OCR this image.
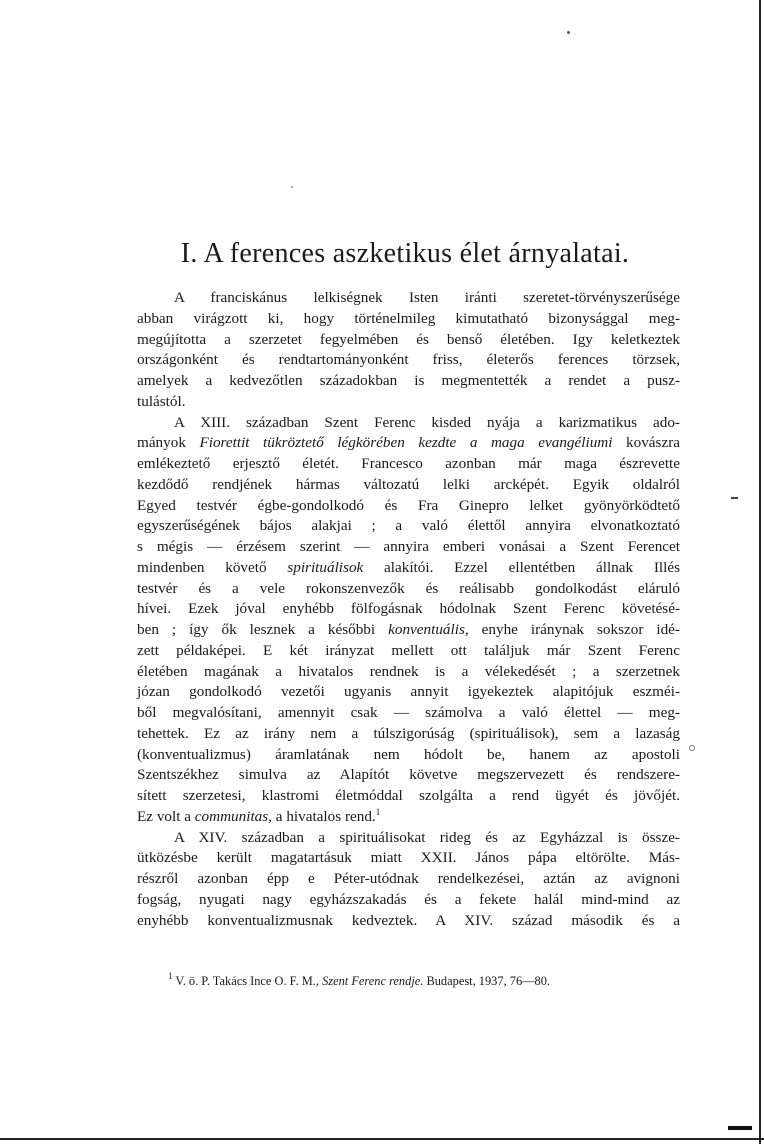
I. A ferences aszketikus élet árnyalatai.

A franciskánus lelkiségnek Isten iránti szeretet-törvényszerűsége

abban virágzott ki, hogy történelmileg kimutatható bizonysággal meg-

megújította a szerzetet fegyelmében és benső életében. Igy keletkeztek

országonként és rendtartományonként friss, életerős ferences törzsek,

amelyek a kedvezőtlen századokban is megmentették a rendet a pusz-

tulástól.

A XIII. században Szent Ferenc kisded nyája a karizmatikus ado-

mányok Fiorettit tükröztető légkörében kezdte a maga evangéliumi kovászra

emlékeztető erjesztő életét. Francesco azonban már maga észrevette

kezdődő rendjének hármas változatú lelki arcképét. Egyik oldalról

Egyed testvér égbe-gondolkodó és Fra Ginepro lelket gyönyörködtető

egyszerűségének bájos alakjai ; a való élettől annyira elvonatkoztató

s mégis — érzésem szerint — annyira emberi vonásai a Szent Ferencet

mindenben követő spirituálisok alakítói. Ezzel ellentétben állnak Illés

testvér és a vele rokonszenvezők és reálisabb gondolkodást eláruló

hívei. Ezek jóval enyhébb fölfogásnak hódolnak Szent Ferenc követésé-

ben ; így ők lesznek a későbbi konventuális, enyhe iránynak sokszor idé-

zett példaképei. E két irányzat mellett ott találjuk már Szent Ferenc

életében magának a hivatalos rendnek is a vélekedését ; a szerzetnek

józan gondolkodó vezetői ugyanis annyit igyekeztek alapitójuk eszméi-

ből megvalósítani, amennyit csak — számolva a való élettel — meg-

tehettek. Ez az irány nem a túlszigorúság (spirituálisok), sem a lazaság

(konventualizmus) áramlatának nem hódolt be, hanem az apostoli

Szentszékhez simulva az Alapítót követve megszervezett és rendszere-

sített szerzetesi, klastromi életmóddal szolgálta a rend ügyét és jövőjét.

Ez volt a communitas, a hivatalos rend.$^1$

A XIV. században a spirituálisokat rideg és az Egyházzal is össze-

ütközésbe került magatartásuk miatt XXII. János pápa eltörölte. Más-

részről azonban épp e Péter-utódnak rendelkezései, aztán az avignoni

fogság, nyugati nagy egyházszakadás és a fekete halál mind-mind az

enyhébb konventualizmusnak kedveztek. A XIV. század második és a

$^1$ V. ö. P. Takács Ince O. F. M., Szent Ferenc rendje. Budapest, 1937, 76—80.
